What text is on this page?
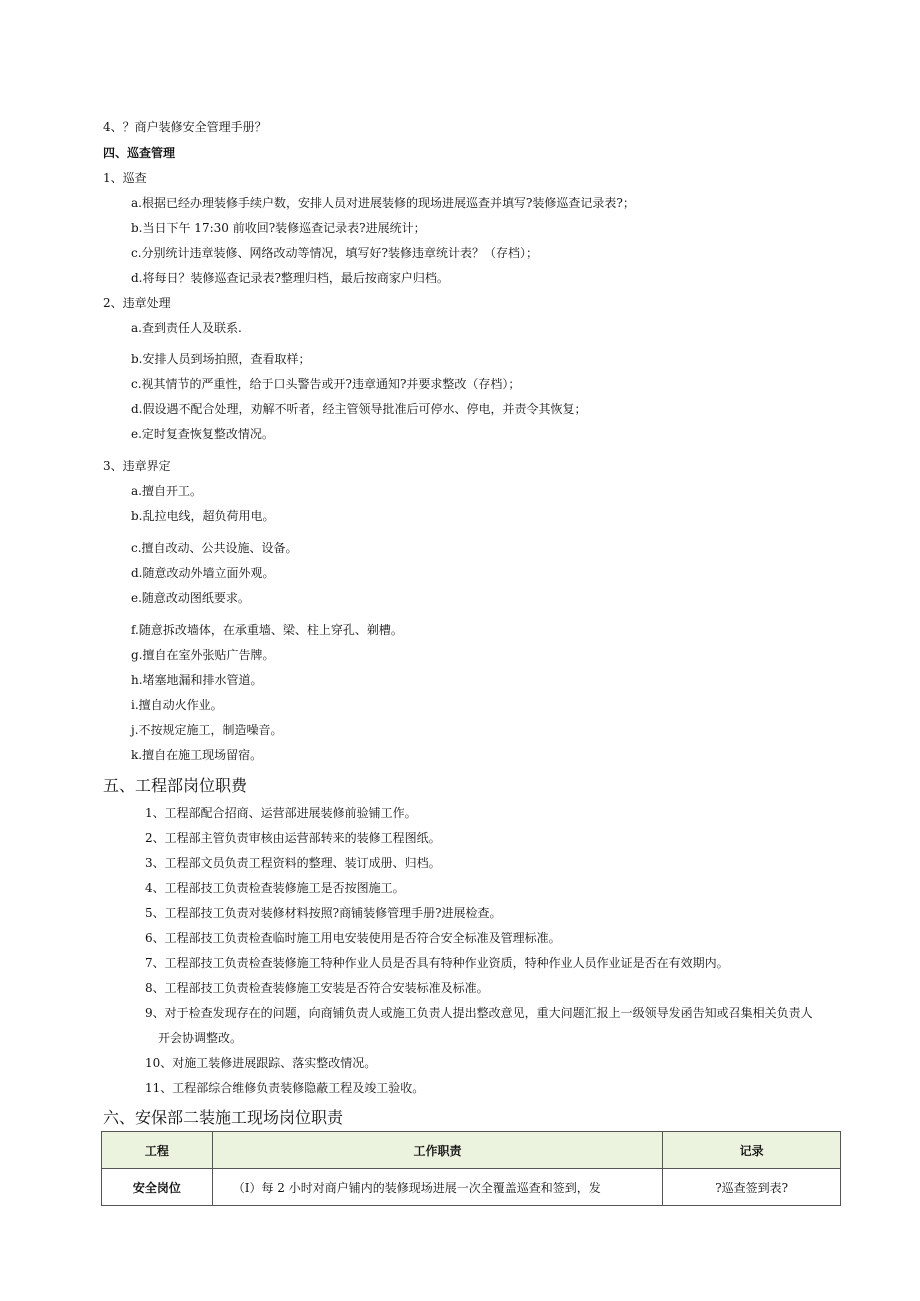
4、？商户装修安全管理手册？
四、巡查管理
1、巡查
a.根据已经办理装修手续户数，安排人员对进展装修的现场进展巡查并填写?装修巡查记录表?；
b.当日下午 17:30 前收回?装修巡查记录表?进展统计；
c.分别统计违章装修、网络改动等情况，填写好?装修违章统计表？（存档）；
d.将每日？装修巡查记录表?整理归档，最后按商家户归档。
2、违章处理
a.查到责任人及联系.
b.安排人员到场拍照，查看取样；
c.视其情节的严重性，给于口头警告或开?违章通知?并要求整改（存档）；
d.假设遇不配合处理，劝解不听者，经主管领导批准后可停水、停电，并责令其恢复；
e.定时复查恢复整改情况。
3、违章界定
a.擅自开工。
b.乱拉电线，超负荷用电。
c.擅自改动、公共设施、设备。
d.随意改动外墙立面外观。
e.随意改动图纸要求。
f.随意拆改墙体，在承重墙、梁、柱上穿孔、剃槽。
g.擅自在室外张贴广告牌。
h.堵塞地漏和排水管道。
i.擅自动火作业。
j.不按规定施工，制造噪音。
k.擅自在施工现场留宿。
五、工程部岗位职费
1、工程部配合招商、运营部进展装修前验铺工作。
2、工程部主管负责审核由运营部转来的装修工程图纸。
3、工程部文员负责工程资料的整理、装订成册、归档。
4、工程部技工负责检查装修施工是否按图施工。
5、工程部技工负责对装修材料按照?商铺装修管理手册?进展检查。
6、工程部技工负责检查临时施工用电安装使用是否符合安全标准及管理标准。
7、工程部技工负责检查装修施工特种作业人员是否具有特种作业资质，特种作业人员作业证是否在有效期内。
8、工程部技工负责检查装修施工安装是否符合安装标准及标准。
9、对于检查发现存在的问题，向商铺负责人或施工负责人提出整改意见，重大问题汇报上一级领导发函告知或召集相关负责人
开会协调整改。
10、对施工装修进展跟踪、落实整改情况。
11、工程部综合维修负责装修隐蔽工程及竣工验收。
六、安保部二装施工现场岗位职责
工程	工作职责	记录
安全岗位	（I）每 2 小时对商户铺内的装修现场进展一次全覆盖巡查和签到，发	?巡查签到表?
